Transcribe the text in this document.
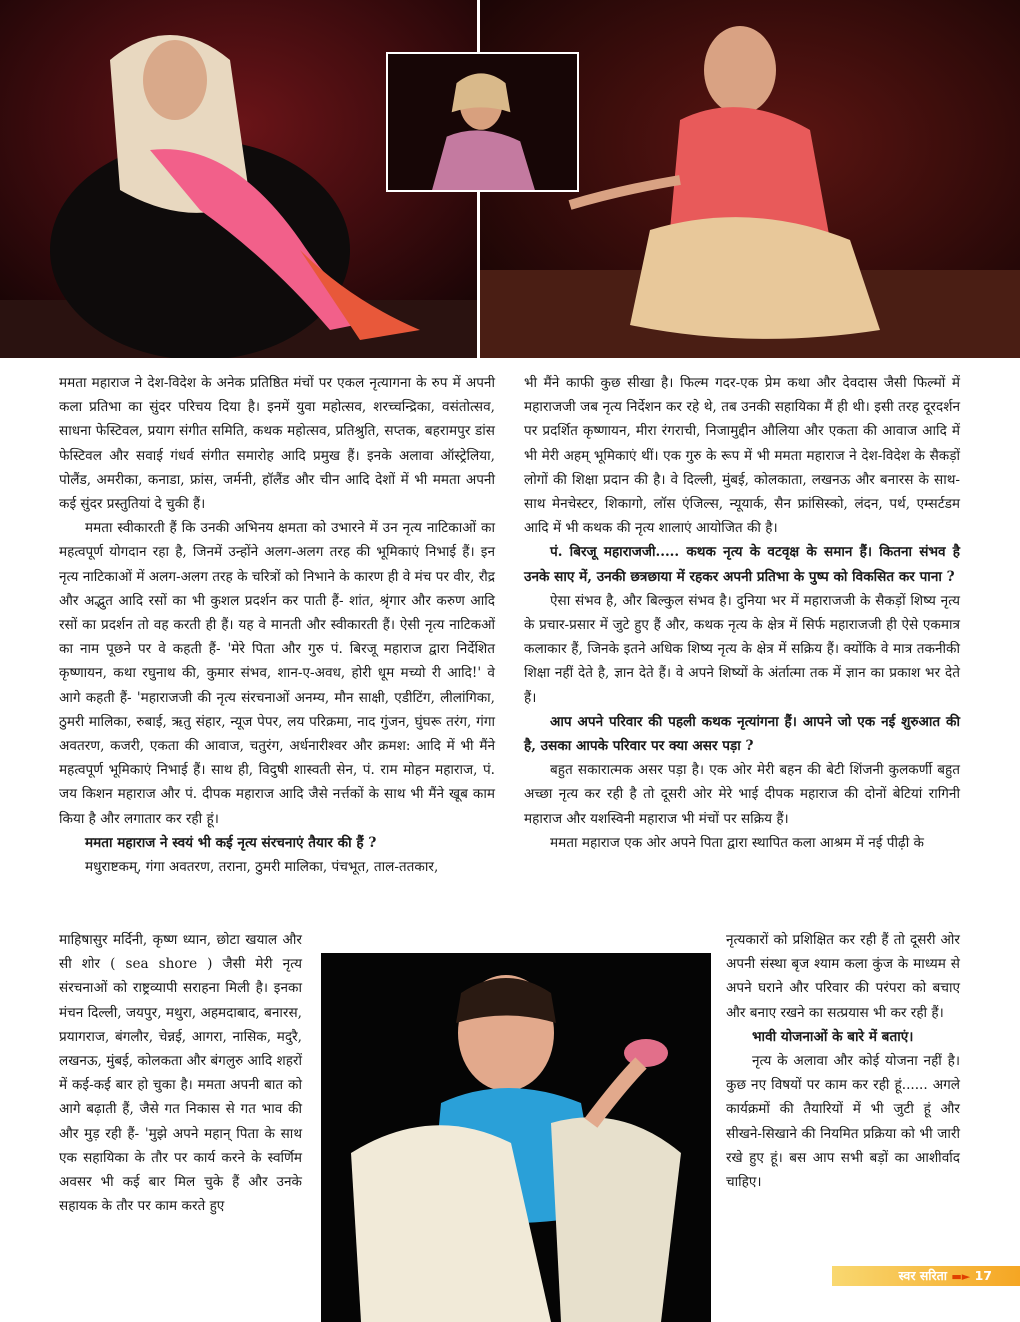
ममता महाराज ने देश-विदेश के अनेक प्रतिष्ठित मंचों पर एकल नृत्यागना के रुप में अपनी कला प्रतिभा का सुंदर परिचय दिया है। इनमें युवा महोत्सव, शरच्चन्द्रिका, वसंतोत्सव, साधना फेस्टिवल, प्रयाग संगीत समिति, कथक महोत्सव, प्रतिश्रुति, सप्तक, बहरामपुर डांस फेस्टिवल और सवाई गंधर्व संगीत समारोह आदि प्रमुख हैं। इनके अलावा ऑस्ट्रेलिया, पोलैंड, अमरीका, कनाडा, फ्रांस, जर्मनी, हॉलैंड और चीन आदि देशों में भी ममता अपनी कई सुंदर प्रस्तुतियां दे चुकी हैं।

ममता स्वीकारती हैं कि उनकी अभिनय क्षमता को उभारने में उन नृत्य नाटिकाओं का महत्वपूर्ण योगदान रहा है, जिनमें उन्होंने अलग-अलग तरह की भूमिकाएं निभाई हैं। इन नृत्य नाटिकाओं में अलग-अलग तरह के चरित्रों को निभाने के कारण ही वे मंच पर वीर, रौद्र और अद्भुत आदि रसों का भी कुशल प्रदर्शन कर पाती हैं- शांत, श्रृंगार और करुण आदि रसों का प्रदर्शन तो वह करती ही हैं। यह वे मानती और स्वीकारती हैं। ऐसी नृत्य नाटिकओं का नाम पूछने पर वे कहती हैं- 'मेरे पिता और गुरु पं. बिरजू महाराज द्वारा निर्देशित कृष्णायन, कथा रघुनाथ की, कुमार संभव, शान-ए-अवध, होरी धूम मच्यो री आदि!' वे आगे कहती हैं- 'महाराजजी की नृत्य संरचनाओं अनम्य, मौन साक्षी, एडीटिंग, लीलांगिका, ठुमरी मालिका, रुबाई, ऋतु संहार, न्यूज पेपर, लय परिक्रमा, नाद गुंजन, घुंघरू तरंग, गंगा अवतरण, कजरी, एकता की आवाज, चतुरंग, अर्धनारीश्वर और क्रमश: आदि में भी मैंने महत्वपूर्ण भूमिकाएं निभाई हैं। साथ ही, विदुषी शास्वती सेन, पं. राम मोहन महाराज, पं. जय किशन महाराज और पं. दीपक महाराज आदि जैसे नर्त्तकों के साथ भी मैंने खूब काम किया है और लगातार कर रही हूं।

ममता महाराज ने स्वयं भी कई नृत्य संरचनाएं तैयार की हैं ?

मधुराष्टकम्, गंगा अवतरण, तराना, ठुमरी मालिका, पंचभूत, ताल-ततकार,

माहिषासुर मर्दिनी, कृष्ण ध्यान, छोटा खयाल और सी शोर ( sea shore ) जैसी मेरी नृत्य संरचनाओं को राष्ट्रव्यापी सराहना मिली है। इनका मंचन दिल्ली, जयपुर, मथुरा, अहमदाबाद, बनारस, प्रयागराज, बंगलौर, चेन्नई, आगरा, नासिक, मदुरै, लखनऊ, मुंबई, कोलकता और बंगलुरु आदि शहरों में कई-कई बार हो चुका है। ममता अपनी बात को आगे बढ़ाती हैं, जैसे गत निकास से गत भाव की और मुड़ रही हैं- 'मुझे अपने महान् पिता के साथ एक सहायिका के तौर पर कार्य करने के स्वर्णिम अवसर भी कई बार मिल चुके हैं और उनके सहायक के तौर पर काम करते हुए

भी मैंने काफी कुछ सीखा है। फिल्म गदर-एक प्रेम कथा और देवदास जैसी फिल्मों में महाराजजी जब नृत्य निर्देशन कर रहे थे, तब उनकी सहायिका मैं ही थी। इसी तरह दूरदर्शन पर प्रदर्शित कृष्णायन, मीरा रंगराची, निजामुद्दीन औलिया और एकता की आवाज आदि में भी मेरी अहम् भूमिकाएं थीं। एक गुरु के रूप में भी ममता महाराज ने देश-विदेश के सैकड़ों लोगों की शिक्षा प्रदान की है। वे दिल्ली, मुंबई, कोलकाता, लखनऊ और बनारस के साथ-साथ मेनचेस्टर, शिकागो, लॉस एंजिल्स, न्यूयार्क, सैन फ्रांसिस्को, लंदन, पर्थ, एम्सर्टडम आदि में भी कथक की नृत्य शालाएं आयोजित की है।

पं. बिरजू महाराजजी..... कथक नृत्य के वटवृक्ष के समान हैं। कितना संभव है उनके साए में, उनकी छत्रछाया में रहकर अपनी प्रतिभा के पुष्प को विकसित कर पाना ?

ऐसा संभव है, और बिल्कुल संभव है। दुनिया भर में महाराजजी के सैकड़ों शिष्य नृत्य के प्रचार-प्रसार में जुटे हुए हैं और, कथक नृत्य के क्षेत्र में सिर्फ महाराजजी ही ऐसे एकमात्र कलाकार हैं, जिनके इतने अधिक शिष्य नृत्य के क्षेत्र में सक्रिय हैं। क्योंकि वे मात्र तकनीकी शिक्षा नहीं देते है, ज्ञान देते हैं। वे अपने शिष्यों के अंर्तात्मा तक में ज्ञान का प्रकाश भर देते हैं।

आप अपने परिवार की पहली कथक नृत्यांगना हैं। आपने जो एक नई शुरुआत की है, उसका आपके परिवार पर क्या असर पड़ा ?

बहुत सकारात्मक असर पड़ा है। एक ओर मेरी बहन की बेटी शिंजनी कुलकर्णी बहुत अच्छा नृत्य कर रही है तो दूसरी ओर मेरे भाई दीपक महाराज की दोनों बेटियां रागिनी महाराज और यशस्विनी महाराज भी मंचों पर सक्रिय हैं।

ममता महाराज एक ओर अपने पिता द्वारा स्थापित कला आश्रम में नई पीढ़ी के

नृत्यकारों को प्रशिक्षित कर रही हैं तो दूसरी ओर अपनी संस्था बृज श्याम कला कुंज के माध्यम से अपने घराने और परिवार की परंपरा को बचाए और बनाए रखने का सत्प्रयास भी कर रही हैं।

भावी योजनाओं के बारे में बताएं।

नृत्य के अलावा और कोई योजना नहीं है। कुछ नए विषयों पर काम कर रही हूं...... अगले कार्यक्रमों की तैयारियों में भी जुटी हूं और सीखने-सिखाने की नियमित प्रक्रिया को भी जारी रखे हुए हूं। बस आप सभी बड़ों का आशीर्वाद चाहिए।

स्वर सरिता ▬► 17
